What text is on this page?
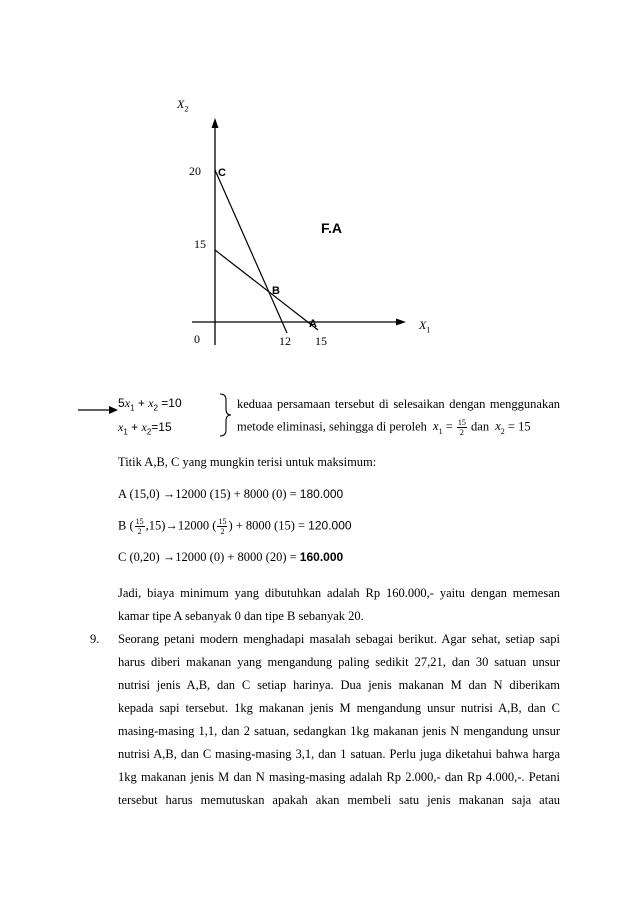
$X_2$
$X_1$
20
15
0	12 15
C
B
A
F.A
$5x_1 + x_2 =10$
$x_1 + x_2=15$
keduaa persamaan tersebut di selesaikan dengan menggunakan
metode eliminasi, sehingga di peroleh $x_1 = \frac{15}{2}$ dan $x_2 = 15$
Titik A,B, C yang mungkin terisi untuk maksimum:
A (15,0) →12000 (15) + 8000 (0) = 180.000
B ( $\frac{15}{2} ,15)\to 12000$ ( $\frac{15}{2}$ ) + 8000 (15) = 120.000
C (0,20) →12000 (0) + 8000 (20) = 160.000
Jadi, biaya minimum yang dibutuhkan adalah Rp 160.000,- yaitu dengan memesan
kamar tipe A sebanyak 0 dan tipe B sebanyak 20.
9. Seorang petani modern menghadapi masalah sebagai berikut. Agar sehat, setiap sapi
harus diberi makanan yang mengandung paling sedikit 27,21, dan 30 satuan unsur
nutrisi jenis A,B, dan C setiap harinya. Dua jenis makanan M dan N diberikam
kepada sapi tersebut. 1kg makanan jenis M mengandung unsur nutrisi A,B, dan C
masing-masing 1,1, dan 2 satuan, sedangkan 1kg makanan jenis N mengandung unsur
nutrisi A,B, dan C masing-masing 3,1, dan 1 satuan. Perlu juga diketahui bahwa harga
1kg makanan jenis M dan N masing-masing adalah Rp 2.000,- dan Rp 4.000,-. Petani
tersebut harus memutuskan apakah akan membeli satu jenis makanan saja atau
